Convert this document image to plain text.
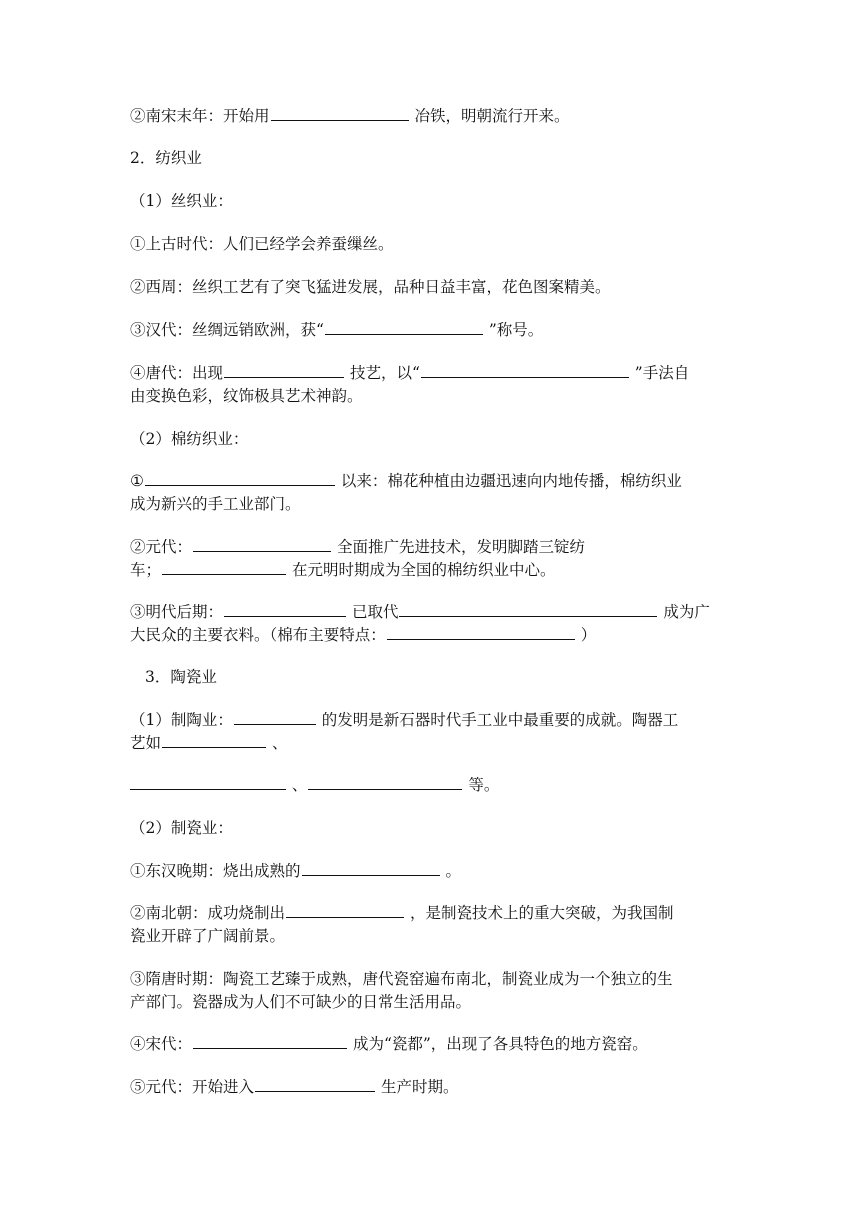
②南宋末年：开始用	冶铁，明朝流行开来。
2．纺织业
（1）丝织业：
①上古时代：人们已经学会养蚕缫丝。
②西周：丝织工艺有了突飞猛进发展，品种日益丰富，花色图案精美。
③汉代：丝绸远销欧洲，获“	”称号。
④唐代：出现	技艺，以“	”手法自
由变换色彩，纹饰极具艺术神韵。
（2）棉纺织业：
①	以来：棉花种植由边疆迅速向内地传播，棉纺织业
成为新兴的手工业部门。
②元代：	全面推广先进技术，发明脚踏三锭纺
车；	在元明时期成为全国的棉纺织业中心。
③明代后期：	已取代	成为广
大民众的主要衣料。（棉布主要特点：	）
3．陶瓷业
（1）制陶业：	的发明是新石器时代手工业中最重要的成就。陶器工
艺如	、
、	等。
（2）制瓷业：
①东汉晚期：烧出成熟的	。
②南北朝：成功烧制出	，是制瓷技术上的重大突破，为我国制
瓷业开辟了广阔前景。
③隋唐时期：陶瓷工艺臻于成熟，唐代瓷窑遍布南北，制瓷业成为一个独立的生
产部门。瓷器成为人们不可缺少的日常生活用品。
④宋代：	成为“瓷都”，出现了各具特色的地方瓷窑。
⑤元代：开始进入	生产时期。
